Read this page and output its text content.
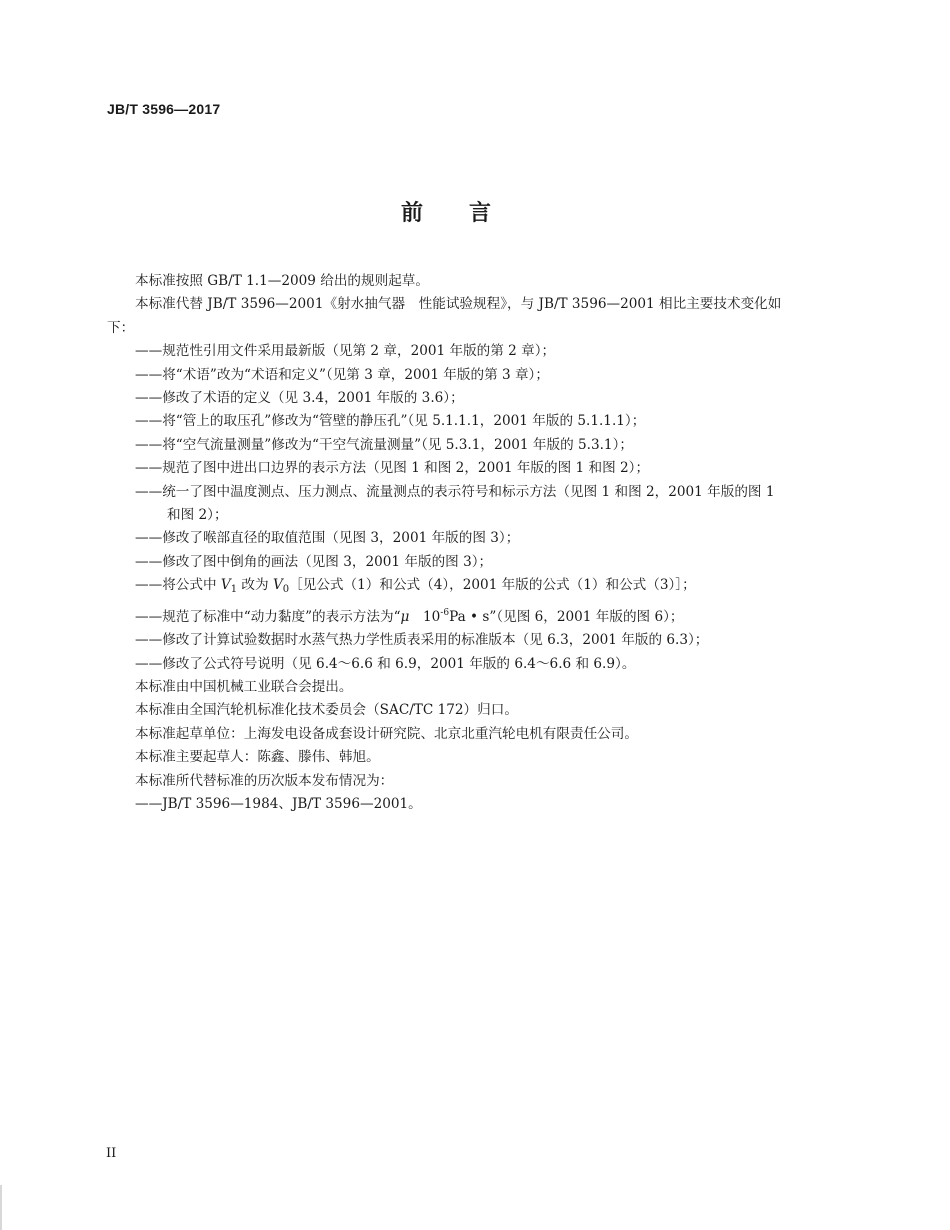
JB/T 3596—2017
前 言

本标准按照 GB/T 1.1—2009 给出的规则起草。

本标准代替 JB/T 3596—2001《射水抽气器　性能试验规程》，与 JB/T 3596—2001 相比主要技术变化如下：

——规范性引用文件采用最新版（见第 2 章，2001 年版的第 2 章）；

——将“术语”改为“术语和定义”（见第 3 章，2001 年版的第 3 章）；

——修改了术语的定义（见 3.4，2001 年版的 3.6）；

——将“管上的取压孔”修改为“管壁的静压孔”（见 5.1.1.1，2001 年版的 5.1.1.1）；

——将“空气流量测量”修改为“干空气流量测量”（见 5.3.1，2001 年版的 5.3.1）；

——规范了图中进出口边界的表示方法（见图 1 和图 2，2001 年版的图 1 和图 2）；

——统一了图中温度测点、压力测点、流量测点的表示符号和标示方法（见图 1 和图 2，2001 年版的图 1 和图 2）；

——修改了喉部直径的取值范围（见图 3，2001 年版的图 3）；

——修改了图中倒角的画法（见图 3，2001 年版的图 3）；

——将公式中 $V_1$ 改为 $V_0[$见公式（1）和公式（4），2001 年版的公式（1）和公式（3）］；

——规范了标准中“动力黏度”的表示方法为“μ　$10^{-6}Pa$ • s”（见图 6，2001 年版的图 6）；

——修改了计算试验数据时水蒸气热力学性质表采用的标准版本（见 6.3，2001 年版的 6.3）；

——修改了公式符号说明（见 6.4～6.6 和 6.9，2001 年版的 6.4～6.6 和 6.9）。

本标准由中国机械工业联合会提出。

本标准由全国汽轮机标准化技术委员会（SAC/TC 172）归口。

本标准起草单位：上海发电设备成套设计研究院、北京北重汽轮电机有限责任公司。

本标准主要起草人：陈鑫、滕伟、韩旭。

本标准所代替标准的历次版本发布情况为：

——JB/T 3596—1984、JB/T 3596—2001。

II
